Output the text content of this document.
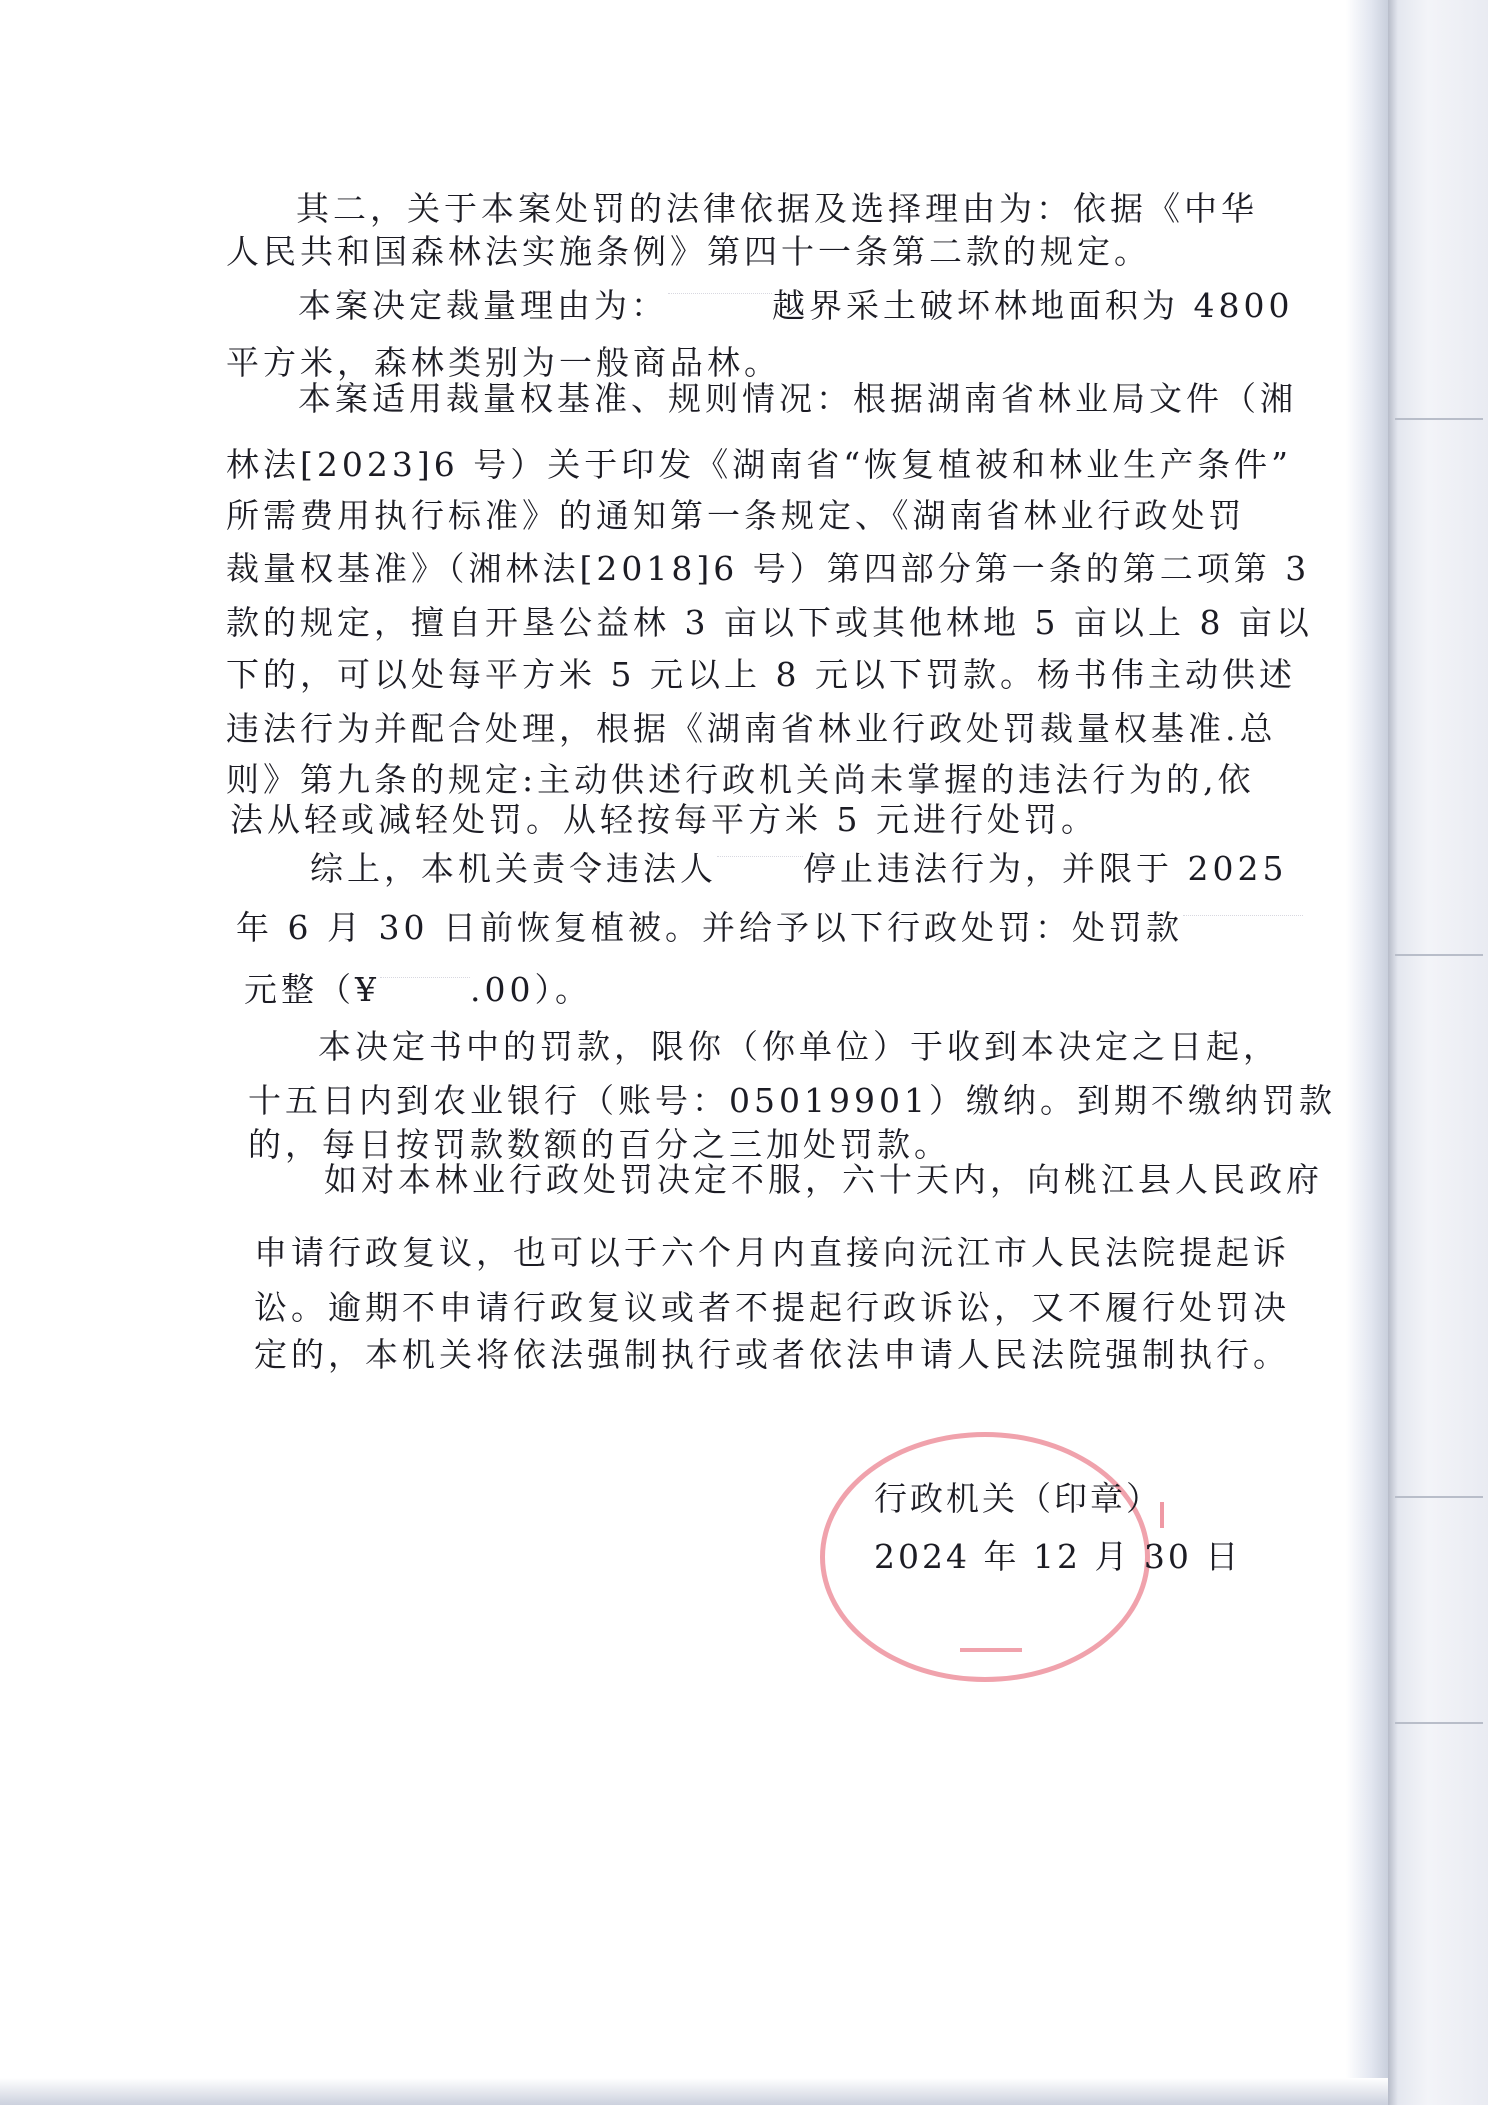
其二，关于本案处罚的法律依据及选择理由为：依据《中华
人民共和国森林法实施条例》第四十一条第二款的规定。
本案决定裁量理由为：	越界采土破坏林地面积为 4800
平方米，森林类别为一般商品林。
本案适用裁量权基准、规则情况：根据湖南省林业局文件（湘
林法[2023]6 号）关于印发《湖南省“恢复植被和林业生产条件”
所需费用执行标准》的通知第一条规定、《湖南省林业行政处罚
裁量权基准》（湘林法[2018]6 号）第四部分第一条的第二项第 3
款的规定，擅自开垦公益林 3 亩以下或其他林地 5 亩以上 8 亩以
下的，可以处每平方米 5 元以上 8 元以下罚款。杨书伟主动供述
违法行为并配合处理，根据《湖南省林业行政处罚裁量权基准.总
则》第九条的规定:主动供述行政机关尚未掌握的违法行为的,依
法从轻或减轻处罚。从轻按每平方米 5 元进行处罚。
综上，本机关责令违法人	停止违法行为，并限于 2025
年 6 月 30 日前恢复植被。并给予以下行政处罚：处罚款
元整（¥	.00）。
本决定书中的罚款，限你（你单位）于收到本决定之日起，
十五日内到农业银行（账号：05019901）缴纳。到期不缴纳罚款
的，每日按罚款数额的百分之三加处罚款。
如对本林业行政处罚决定不服，六十天内，向桃江县人民政府
申请行政复议，也可以于六个月内直接向沅江市人民法院提起诉
讼。逾期不申请行政复议或者不提起行政诉讼，又不履行处罚决
定的，本机关将依法强制执行或者依法申请人民法院强制执行。
行政机关（印章）
2024 年 12 月 30 日
